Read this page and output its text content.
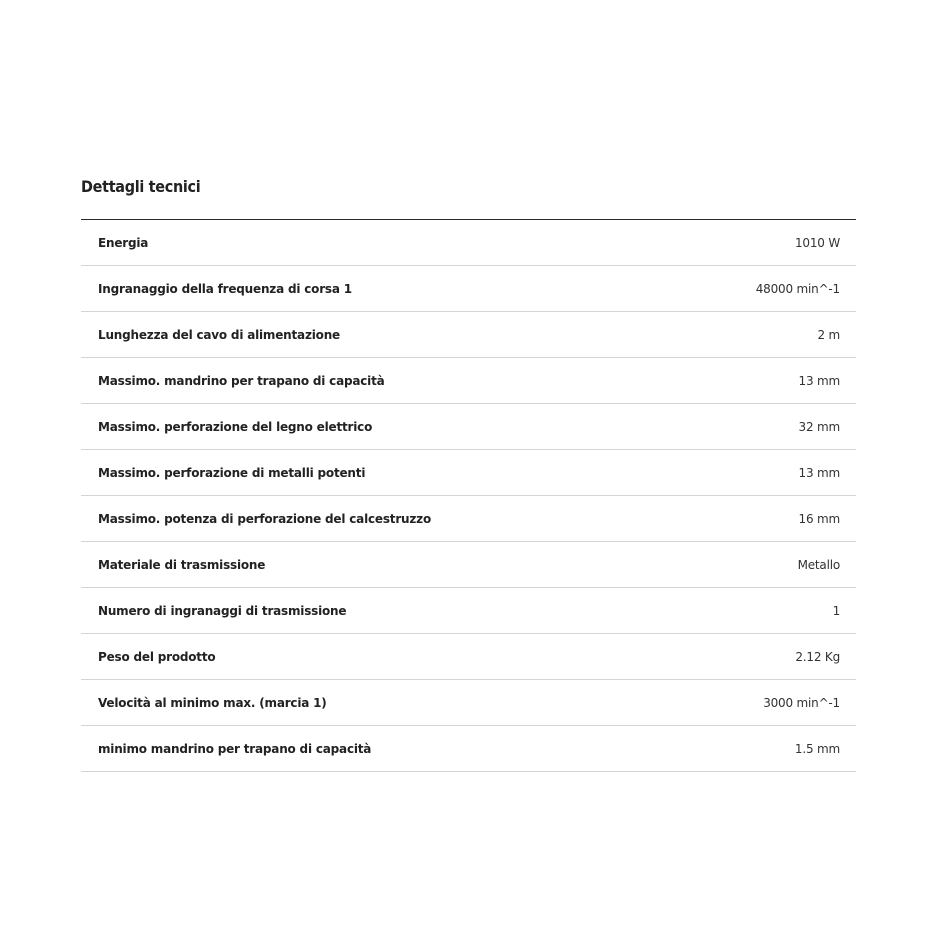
Dettagli tecnici
Energia	1010 W
Ingranaggio della frequenza di corsa 1	48000 min^-1
Lunghezza del cavo di alimentazione	2 m
Massimo. mandrino per trapano di capacità	13 mm
Massimo. perforazione del legno elettrico	32 mm
Massimo. perforazione di metalli potenti	13 mm
Massimo. potenza di perforazione del calcestruzzo	16 mm
Materiale di trasmissione	Metallo
Numero di ingranaggi di trasmissione	1
Peso del prodotto	2.12 Kg
Velocità al minimo max. (marcia 1)	3000 min^-1
minimo mandrino per trapano di capacità	1.5 mm
